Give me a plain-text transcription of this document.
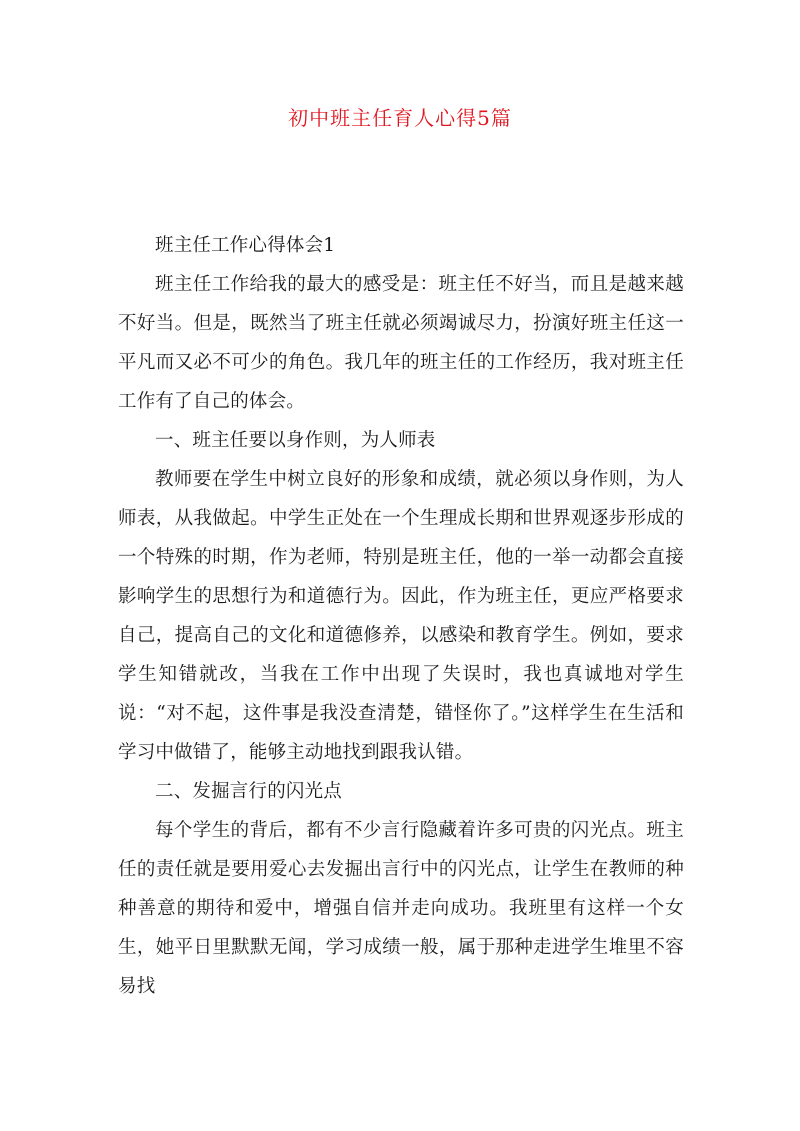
初中班主任育人心得5篇

班主任工作心得体会1

班主任工作给我的最大的感受是：班主任不好当，而且是越来越不好当。但是，既然当了班主任就必须竭诚尽力，扮演好班主任这一平凡而又必不可少的角色。我几年的班主任的工作经历，我对班主任工作有了自己的体会。

一、班主任要以身作则，为人师表

教师要在学生中树立良好的形象和成绩，就必须以身作则，为人师表，从我做起。中学生正处在一个生理成长期和世界观逐步形成的一个特殊的时期，作为老师，特别是班主任，他的一举一动都会直接影响学生的思想行为和道德行为。因此，作为班主任，更应严格要求自己，提高自己的文化和道德修养，以感染和教育学生。例如，要求学生知错就改，当我在工作中出现了失误时，我也真诚地对学生说：“对不起，这件事是我没查清楚，错怪你了。”这样学生在生活和学习中做错了，能够主动地找到跟我认错。

二、发掘言行的闪光点

每个学生的背后，都有不少言行隐藏着许多可贵的闪光点。班主任的责任就是要用爱心去发掘出言行中的闪光点，让学生在教师的种种善意的期待和爱中，增强自信并走向成功。我班里有这样一个女生，她平日里默默无闻，学习成绩一般，属于那种走进学生堆里不容易找
